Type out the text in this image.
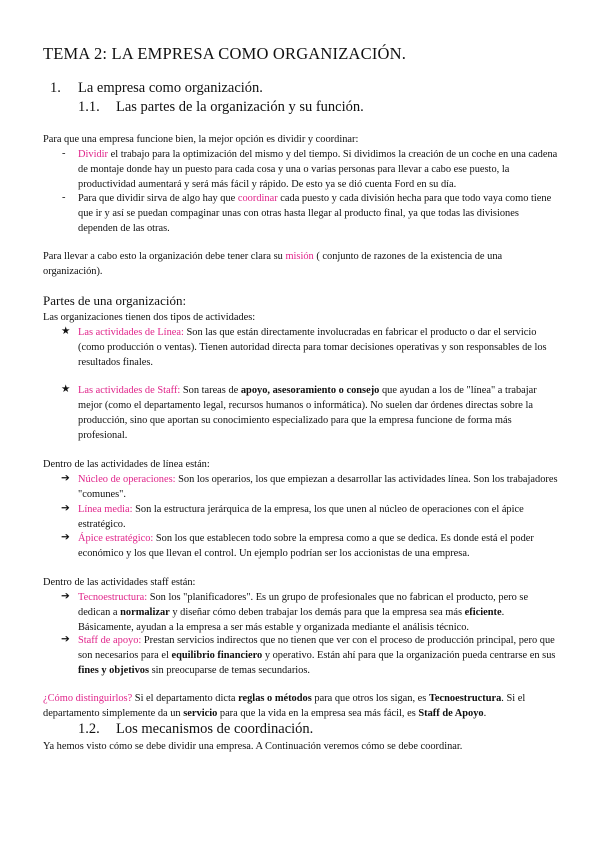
TEMA 2: LA EMPRESA COMO ORGANIZACIÓN.
1. La empresa como organización.
1.1. Las partes de la organización y su función.
Para que una empresa funcione bien, la mejor opción es dividir y coordinar:
- Dividir el trabajo para la optimización del mismo y del tiempo. Si dividimos la creación de un coche en una cadena de montaje donde hay un puesto para cada cosa y una o varias personas para llevar a cabo ese puesto, la productividad aumentará y será más fácil y rápido. De esto ya se dió cuenta Ford en su día.
- Para que dividir sirva de algo hay que coordinar cada puesto y cada división hecha para que todo vaya como tiene que ir y así se puedan compaginar unas con otras hasta llegar al producto final, ya que todas las divisiones dependen de las otras.
Para llevar a cabo esto la organización debe tener clara su misión ( conjunto de razones de la existencia de una organización).
Partes de una organización:
Las organizaciones tienen dos tipos de actividades:
★ Las actividades de Línea: Son las que están directamente involucradas en fabricar el producto o dar el servicio (como producción o ventas). Tienen autoridad directa para tomar decisiones operativas y son responsables de los resultados finales.
★ Las actividades de Staff: Son tareas de apoyo, asesoramiento o consejo que ayudan a los de "línea" a trabajar mejor (como el departamento legal, recursos humanos o informática). No suelen dar órdenes directas sobre la producción, sino que aportan su conocimiento especializado para que la empresa funcione de forma más profesional.
Dentro de las actividades de línea están:
➔ Núcleo de operaciones: Son los operarios, los que empiezan a desarrollar las actividades línea. Son los trabajadores "comunes".
➔ Línea media: Son la estructura jerárquica de la empresa, los que unen al núcleo de operaciones con el ápice estratégico.
➔ Ápice estratégico: Son los que establecen todo sobre la empresa como a que se dedica. Es donde está el poder económico y los que llevan el control. Un ejemplo podrían ser los accionistas de una empresa.
Dentro de las actividades staff están:
➔ Tecnoestructura: Son los "planificadores". Es un grupo de profesionales que no fabrican el producto, pero se dedican a normalizar y diseñar cómo deben trabajar los demás para que la empresa sea más eficiente. Básicamente, ayudan a la empresa a ser más estable y organizada mediante el análisis técnico.
➔ Staff de apoyo: Prestan servicios indirectos que no tienen que ver con el proceso de producción principal, pero que son necesarios para el equilibrio financiero y operativo. Están ahí para que la organización pueda centrarse en sus fines y objetivos sin preocuparse de temas secundarios.
¿Cómo distinguirlos? Si el departamento dicta reglas o métodos para que otros los sigan, es Tecnoestructura. Si el departamento simplemente da un servicio para que la vida en la empresa sea más fácil, es Staff de Apoyo.
1.2. Los mecanismos de coordinación.
Ya hemos visto cómo se debe dividir una empresa. A Continuación veremos cómo se debe coordinar.
